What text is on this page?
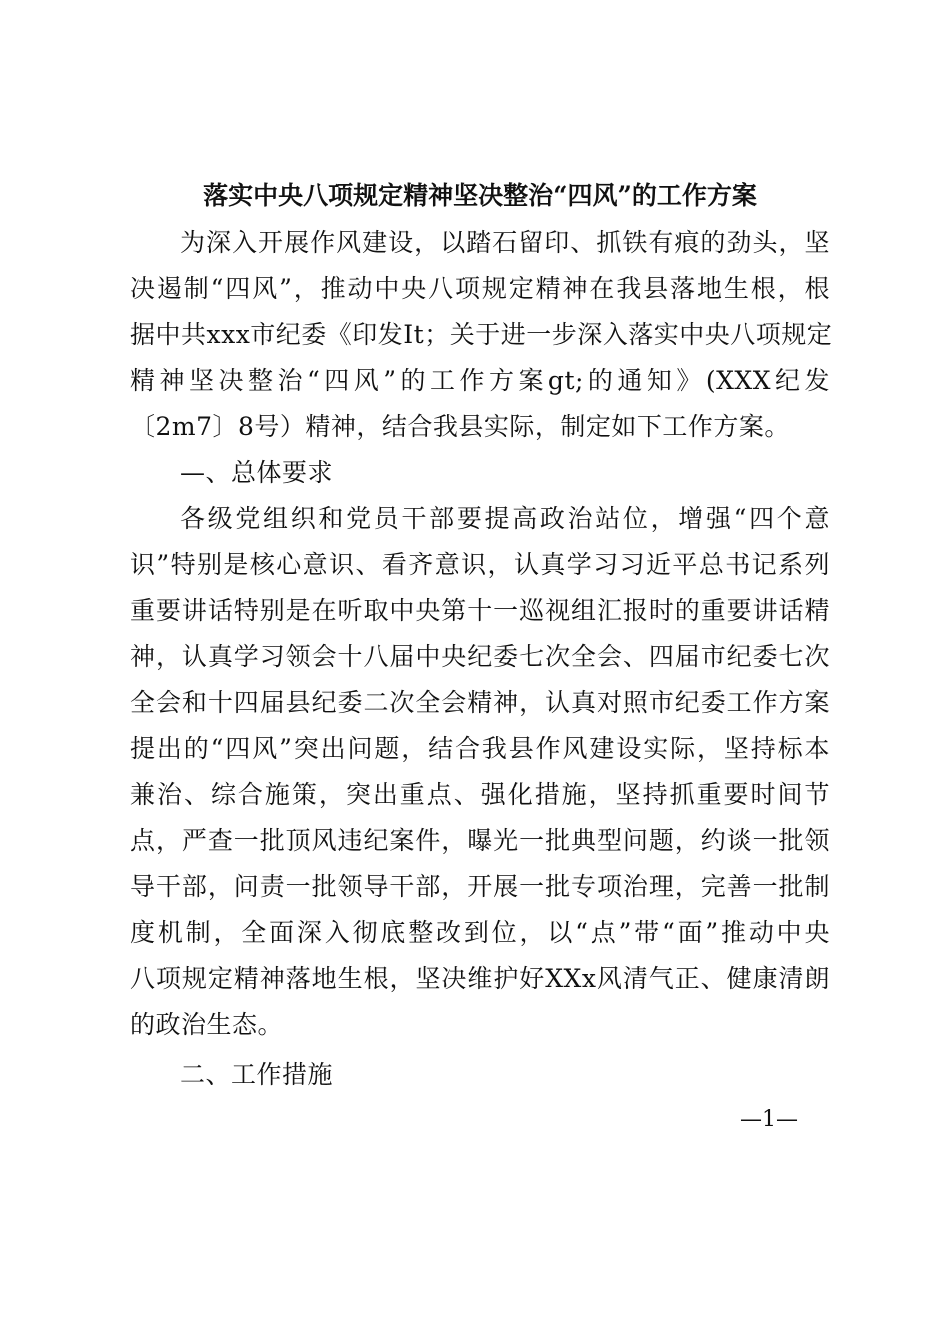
落实中央八项规定精神坚决整治“四风”的工作方案
为深入开展作风建设，以踏石留印、抓铁有痕的劲头，坚
决遏制“四风”，推动中央八项规定精神在我县落地生根，根
据中共xxx市纪委《印发It；关于进一步深入落实中央八项规定
精神坚决整治“四风”的工作方案gt;的通知》(XXX纪发
〔2m7〕8号）精神，结合我县实际，制定如下工作方案。
—、总体要求
各级党组织和党员干部要提高政治站位，增强“四个意
识”特别是核心意识、看齐意识，认真学习习近平总书记系列
重要讲话特别是在听取中央第十一巡视组汇报时的重要讲话精
神，认真学习领会十八届中央纪委七次全会、四届市纪委七次
全会和十四届县纪委二次全会精神，认真对照市纪委工作方案
提出的“四风”突出问题，结合我县作风建设实际，坚持标本
兼治、综合施策，突出重点、强化措施，坚持抓重要时间节
点，严查一批顶风违纪案件，曝光一批典型问题，约谈一批领
导干部，问责一批领导干部，开展一批专项治理，完善一批制
度机制，全面深入彻底整改到位，以“点”带“面”推动中央
八项规定精神落地生根，坚决维护好XXx风清气正、健康清朗
的政治生态。
二、工作措施
—1—
